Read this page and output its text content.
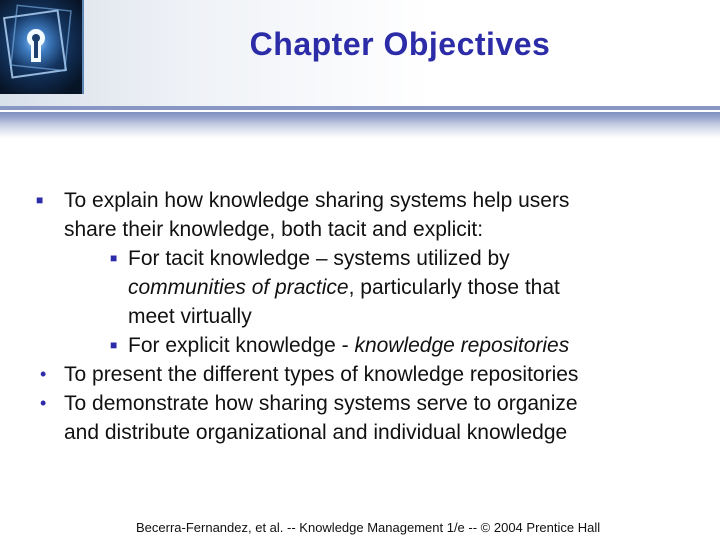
Chapter Objectives
■ To explain how knowledge sharing systems help users
share their knowledge, both tacit and explicit:
■ For tacit knowledge – systems utilized by
communities of practice, particularly those that
meet virtually
■ For explicit knowledge - knowledge repositories
• To present the different types of knowledge repositories
• To demonstrate how sharing systems serve to organize
and distribute organizational and individual knowledge
Becerra-Fernandez, et al. -- Knowledge Management 1/e -- © 2004 Prentice Hall
